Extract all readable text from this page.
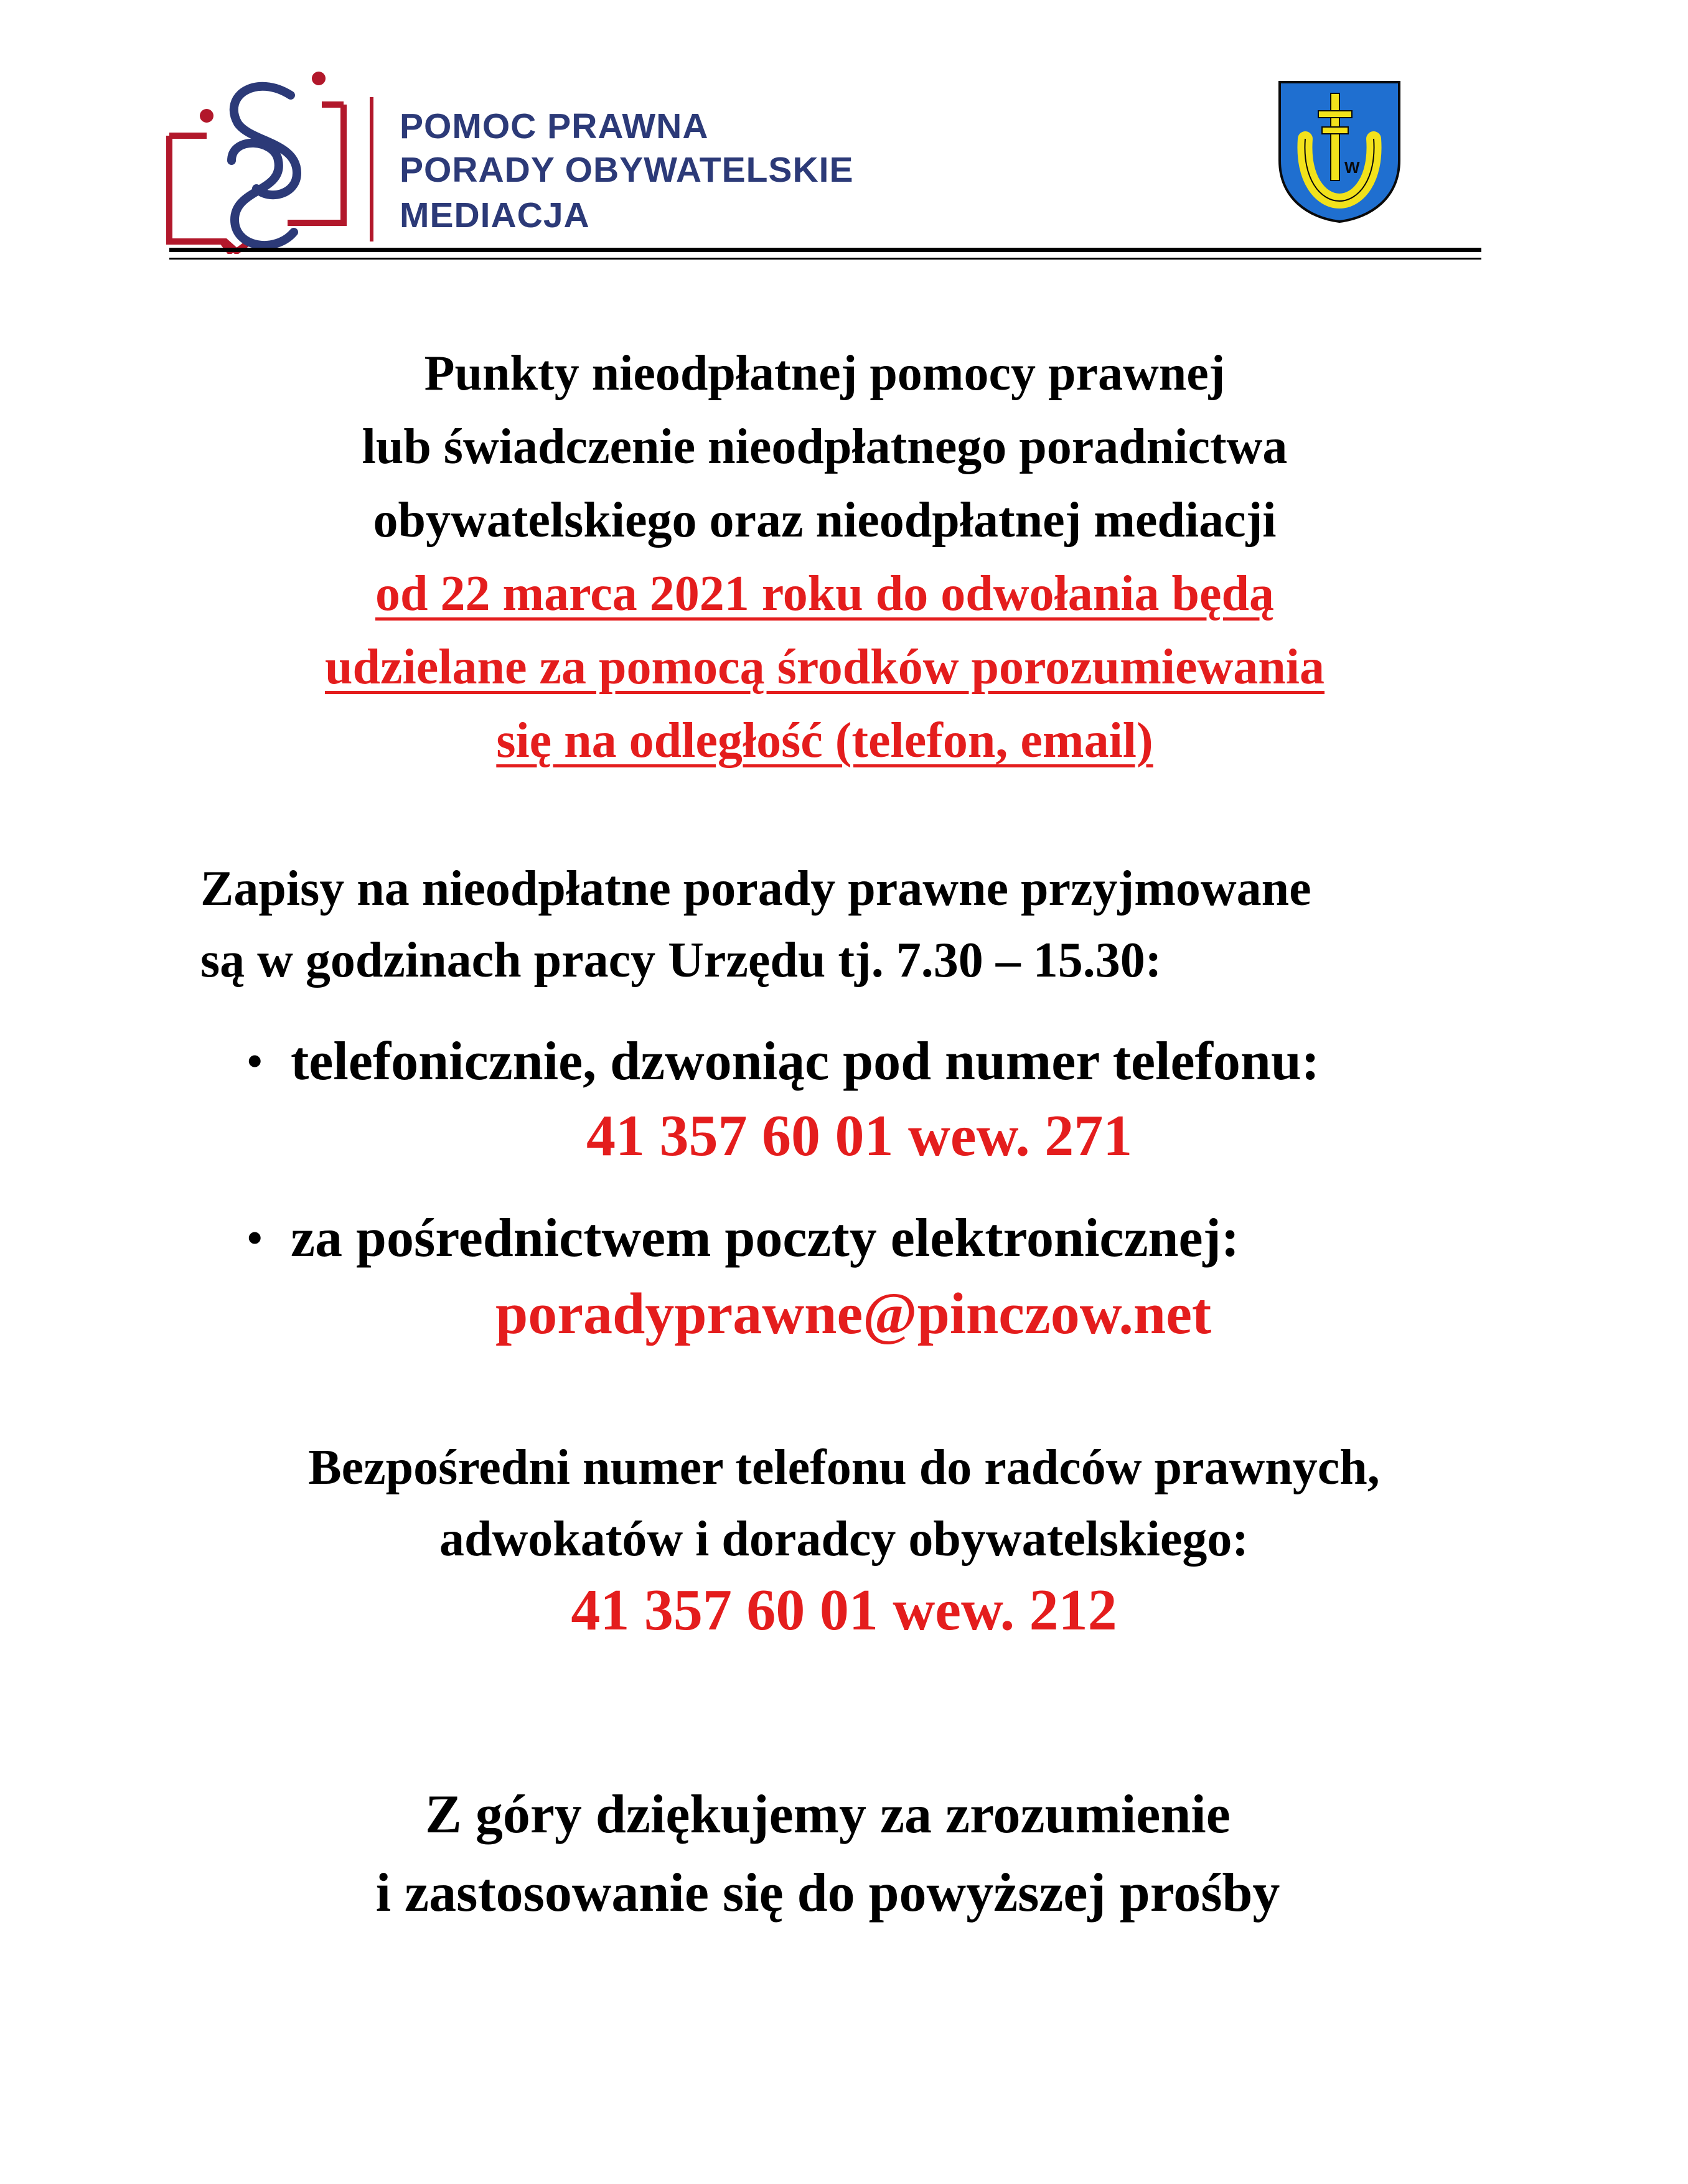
POMOC PRAWNA
PORADY OBYWATELSKIE
MEDIACJA
W
Punkty nieodpłatnej pomocy prawnej
lub świadczenie nieodpłatnego poradnictwa
obywatelskiego oraz nieodpłatnej mediacji
od 22 marca 2021 roku do odwołania będą
udzielane za pomocą środków porozumiewania
się na odległość (telefon, email)
Zapisy na nieodpłatne porady prawne przyjmowane
są w godzinach pracy Urzędu tj. 7.30 – 15.30:
• telefonicznie, dzwoniąc pod numer telefonu:
41 357 60 01 wew. 271
• za pośrednictwem poczty elektronicznej:
poradyprawne@pinczow.net
Bezpośredni numer telefonu do radców prawnych,
adwokatów i doradcy obywatelskiego:
41 357 60 01 wew. 212
Z góry dziękujemy za zrozumienie
i zastosowanie się do powyższej prośby
